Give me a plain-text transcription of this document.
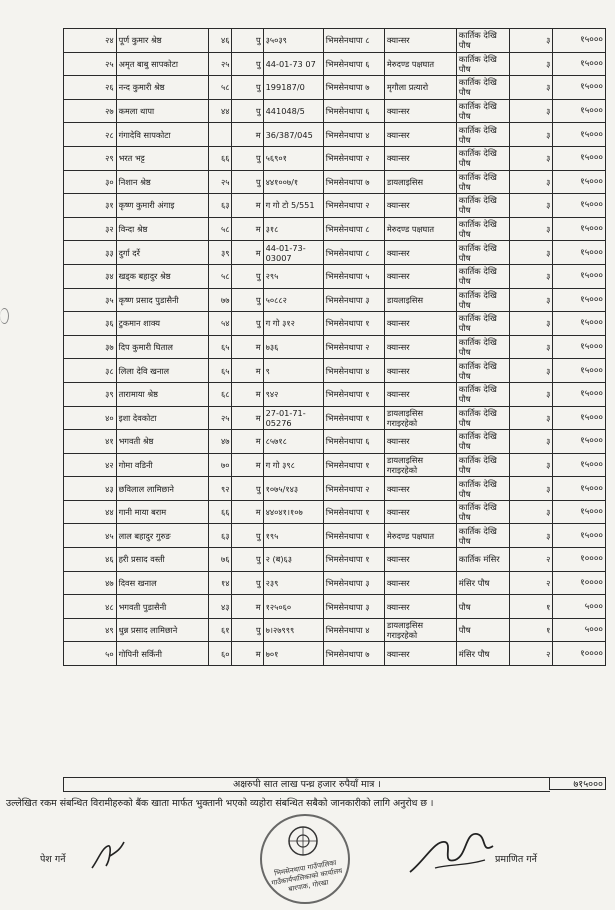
२४	पूर्ण कुमार श्रेष्ठ	४६	पु	३५०३९	भिमसेनथापा ८	क्यान्सर	कार्तिक देखि पौष	३	१५०००
२५	अमृत बाबु सापकोटा	२५	पु	44-01-73 07	भिमसेनथापा ६	मेरुदण्ड पक्षघात	कार्तिक देखि पौष	३	१५०००
२६	नन्द कुमारी श्रेष्ठ	५८	पु	199187/0	भिमसेनथापा ७	मृगौला प्रत्यारो	कार्तिक देखि पौष	३	१५०००
२७	कमला थापा	४४	पु	441048/5	भिमसेनथापा ६	क्यान्सर	कार्तिक देखि पौष	३	१५०००
२८	गंगादेवि सापकोटा		म	36/387/045	भिमसेनथापा ४	क्यान्सर	कार्तिक देखि पौष	३	१५०००
२९	भरत भट्ट	६६	पु	५६९०१	भिमसेनथापा २	क्यान्सर	कार्तिक देखि पौष	३	१५०००
३०	निशान श्रेष्ठ	२५	पु	४४१००७/१	भिमसेनथापा ७	डायलाइसिस	कार्तिक देखि पौष	३	१५०००
३१	कृष्ण कुमारी अंगाइ	६३	म	ग गो टो 5/551	भिमसेनथापा २	क्यान्सर	कार्तिक देखि पौष	३	१५०००
३२	विन्दा श्रेष्ठ	५८	म	३१८	भिमसेनथापा ८	मेरुदण्ड पक्षघात	कार्तिक देखि पौष	३	१५०००
३३	दुर्गा दर्रे	३९	म	44-01-73-03007	भिमसेनथापा ८	क्यान्सर	कार्तिक देखि पौष	३	१५०००
३४	खड्क बहादुर श्रेष्ठ	५८	पु	२९५	भिमसेनथापा ५	क्यान्सर	कार्तिक देखि पौष	३	१५०००
३५	कृष्ण प्रसाद पुडासैनी	७७	पु	५०८८२	भिमसेनथापा ३	डायलाइसिस	कार्तिक देखि पौष	३	१५०००
३६	टुकमान शाक्य	५४	पु	ग गो ३१२	भिमसेनथापा १	क्यान्सर	कार्तिक देखि पौष	३	१५०००
३७	दिप कुमारी घिताल	६५	म	७३६	भिमसेनथापा २	क्यान्सर	कार्तिक देखि पौष	३	१५०००
३८	लिला देवि खनाल	६५	म	९	भिमसेनथापा ४	क्यान्सर	कार्तिक देखि पौष	३	१५०००
३९	तारामाया श्रेष्ठ	६८	म	९४२	भिमसेनथापा १	क्यान्सर	कार्तिक देखि पौष	३	१५०००
४०	इशा देवकोटा	२५	म	27-01-71-05276	भिमसेनथापा १	डायलाइसिस गराइरहेको	कार्तिक देखि पौष	३	१५०००
४१	भगवती श्रेष्ठ	४७	म	८५७१८	भिमसेनथापा ६	क्यान्सर	कार्तिक देखि पौष	३	१५०००
४२	गोमा वडिनी	७०	म	ग गो ३९८	भिमसेनथापा १	डायलाइसिस गराइरहेको	कार्तिक देखि पौष	३	१५०००
४३	छविलाल लामिछाने	९२	पु	१०७५/१४३	भिमसेनथापा २	क्यान्सर	कार्तिक देखि पौष	३	१५०००
४४	गानी माया बराम	६६	म	४४०४१।१०७	भिमसेनथापा १	क्यान्सर	कार्तिक देखि पौष	३	१५०००
४५	लाल बहादुर गुरुङ	६३	पु	१९५	भिमसेनथापा १	मेरुदण्ड पक्षघात	कार्तिक देखि पौष	३	१५०००
४६	हरी प्रसाद वस्ती	७६	पु	२ (ब)६३	भिमसेनथापा १	क्यान्सर	कार्तिक मंसिर	२	१००००
४७	दिवस खनाल	१४	पु	२३९	भिमसेनथापा ३	क्यान्सर	मंसिर पौष	२	१००००
४८	भगवती पुडासैनी	४३	म	१२५०६०	भिमसेनथापा ३	क्यान्सर	पौष	१	५०००
४९	धुन्न प्रसाद लामिछाने	६१	पु	७।२७९९९	भिमसेनथापा ४	डायलाइसिस गराइरहेको	पौष	१	५०००
५०	गोपिनी सर्किनी	६०	म	७०१	भिमसेनथापा ७	क्यान्सर	मंसिर पौष	२	१००००
अक्षरुपी सात लाख पन्ध्र हजार रुपैयाँ मात्र ।	७१५०००
उल्लेखित रकम संबन्धित विरामीहरुको बैंक खाता मार्फत भुक्तानी भएको व्यहोरा संबन्धित सबैको जानकारीको लागि अनुरोध छ ।
पेश गर्ने	भिमसेनथापा गाउँपालिका गाउँकार्यपालिकाको कार्यालय बारपाक, गोरखा
प्रमाणित गर्ने
